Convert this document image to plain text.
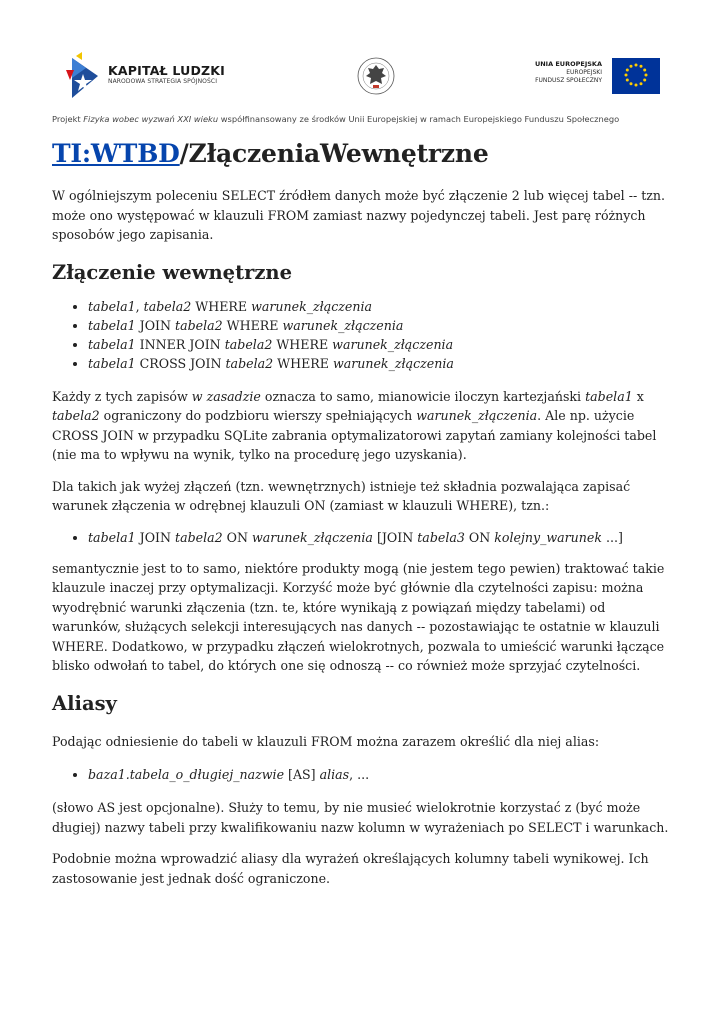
KAPITAŁ LUDZKI
NARODOWA STRATEGIA SPÓJNOŚCI
UNIA EUROPEJSKA
EUROPEJSKI
FUNDUSZ SPOŁECZNY
Projekt Fizyka wobec wyzwań XXI wieku współfinansowany ze środków Unii Europejskiej w ramach Europejskiego Funduszu Społecznego
TI:WTBD/ZłączeniaWewnętrzne

W ogólniejszym poleceniu SELECT źródłem danych może być złączenie 2 lub więcej tabel -- tzn. może ono występować w klauzuli FROM zamiast nazwy pojedynczej tabeli. Jest parę różnych sposobów jego zapisania.

Złączenie wewnętrzne
• tabela1, tabela2 WHERE warunek_złączenia
• tabela1 JOIN tabela2 WHERE warunek_złączenia
• tabela1 INNER JOIN tabela2 WHERE warunek_złączenia
• tabela1 CROSS JOIN tabela2 WHERE warunek_złączenia

Każdy z tych zapisów w zasadzie oznacza to samo, mianowicie iloczyn kartezjański tabela1 x tabela2 ograniczony do podzbioru wierszy spełniających warunek_złączenia. Ale np. użycie CROSS JOIN w przypadku SQLite zabrania optymalizatorowi zapytań zamiany kolejności tabel (nie ma to wpływu na wynik, tylko na procedurę jego uzyskania).

Dla takich jak wyżej złączeń (tzn. wewnętrznych) istnieje też składnia pozwalająca zapisać warunek złączenia w odrębnej klauzuli ON (zamiast w klauzuli WHERE), tzn.:

• tabela1 JOIN tabela2 ON warunek_złączenia [JOIN tabela3 ON kolejny_warunek ...]

semantycznie jest to to samo, niektóre produkty mogą (nie jestem tego pewien) traktować takie klauzule inaczej przy optymalizacji. Korzyść może być głównie dla czytelności zapisu: można wyodrębnić warunki złączenia (tzn. te, które wynikają z powiązań między tabelami) od warunków, służących selekcji interesujących nas danych -- pozostawiając te ostatnie w klauzuli WHERE. Dodatkowo, w przypadku złączeń wielokrotnych, pozwala to umieścić warunki łączące blisko odwołań to tabel, do których one się odnoszą -- co również może sprzyjać czytelności.

Aliasy

Podając odniesienie do tabeli w klauzuli FROM można zarazem określić dla niej alias:

• baza1.tabela_o_długiej_nazwie [AS] alias, ...

(słowo AS jest opcjonalne). Służy to temu, by nie musieć wielokrotnie korzystać z (być może długiej) nazwy tabeli przy kwalifikowaniu nazw kolumn w wyrażeniach po SELECT i warunkach.

Podobnie można wprowadzić aliasy dla wyrażeń określających kolumny tabeli wynikowej. Ich zastosowanie jest jednak dość ograniczone.
